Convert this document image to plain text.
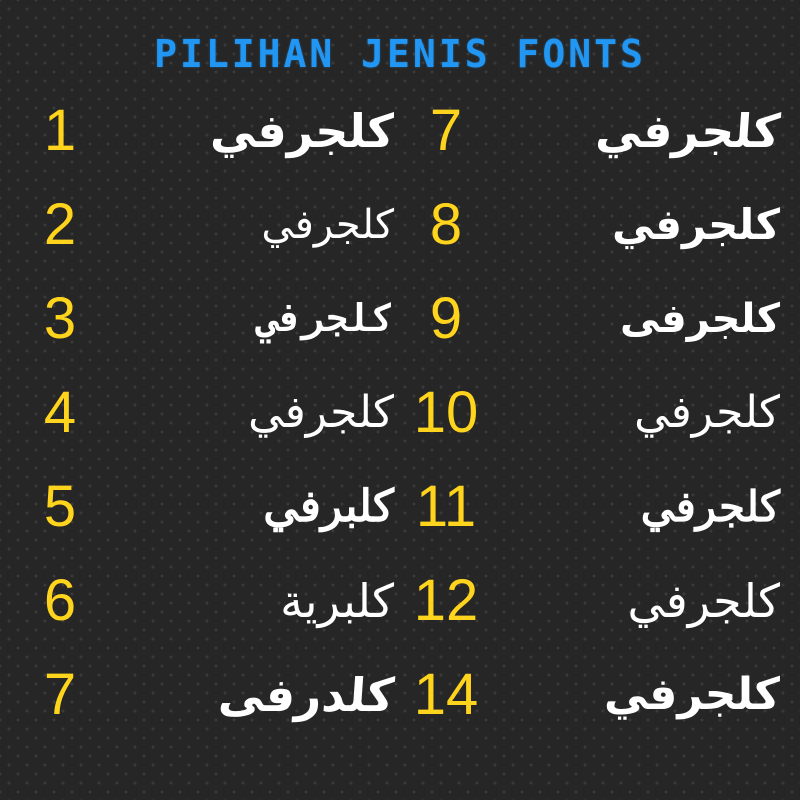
PILIHAN JENIS FONTS
1	كلجرفي
2	كلجرفي
3	كلجرفي
4	كلجرفي
5	كلبرفي
6	كلبرية
7	كلدرفى
7	كلجرفي
8	كلجرفي
9	كلجرفى
10	كلجرفي
11	كلجرفي
12	كلجرفي
14	كلجرفي
